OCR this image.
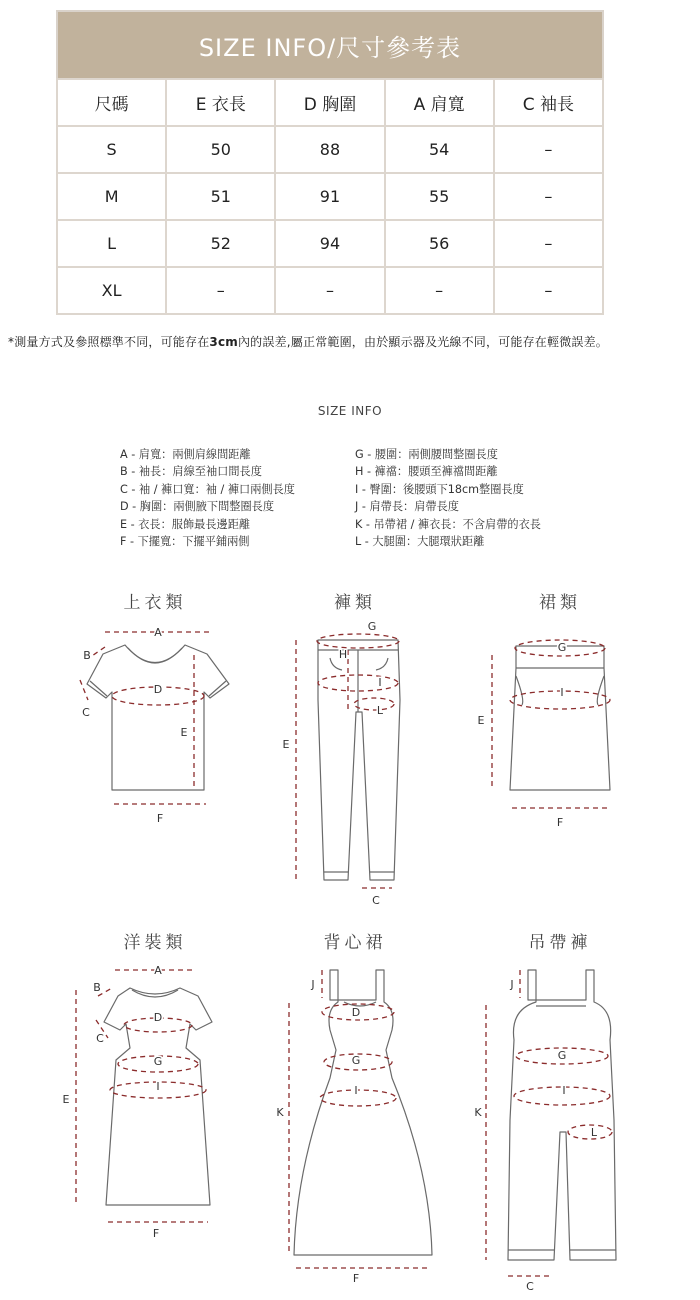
SIZE INFO/尺寸參考表				
尺碼	E 衣長	D 胸圍	A 肩寬	C 袖長
S	50	88	54	–
M	51	91	55	–
L	52	94	56	–
XL	–	–	–	–
*測量方式及參照標準不同，可能存在3cm內的誤差,屬正常範圍，由於顯示器及光線不同，可能存在輕微誤差。
SIZE INFO
A - 肩寬：兩側肩線間距離
B - 袖長：肩線至袖口間長度
C - 袖 / 褲口寬：袖 / 褲口兩側長度
D - 胸圍：兩側腋下間整圈長度
E - 衣長：服飾最長邊距離
F - 下擺寬：下擺平鋪兩側
G - 腰圍：兩側腰間整圈長度
H - 褲襠：腰頭至褲襠間距離
I - 臀圍：後腰頭下18cm整圈長度
J - 肩帶長：肩帶長度
K - 吊帶裙 / 褲衣長：不含肩帶的衣長
L - 大腿圍：大腿環狀距離
上衣類	褲類	裙類
洋裝類	背心裙	吊帶褲
A
B
C
D
E
F
G
H
I
L
E
C
G
I
E
F
A
B
C
D
G
I
E
F
J
D
G
I
K
F
J
G
I
L
K
C
